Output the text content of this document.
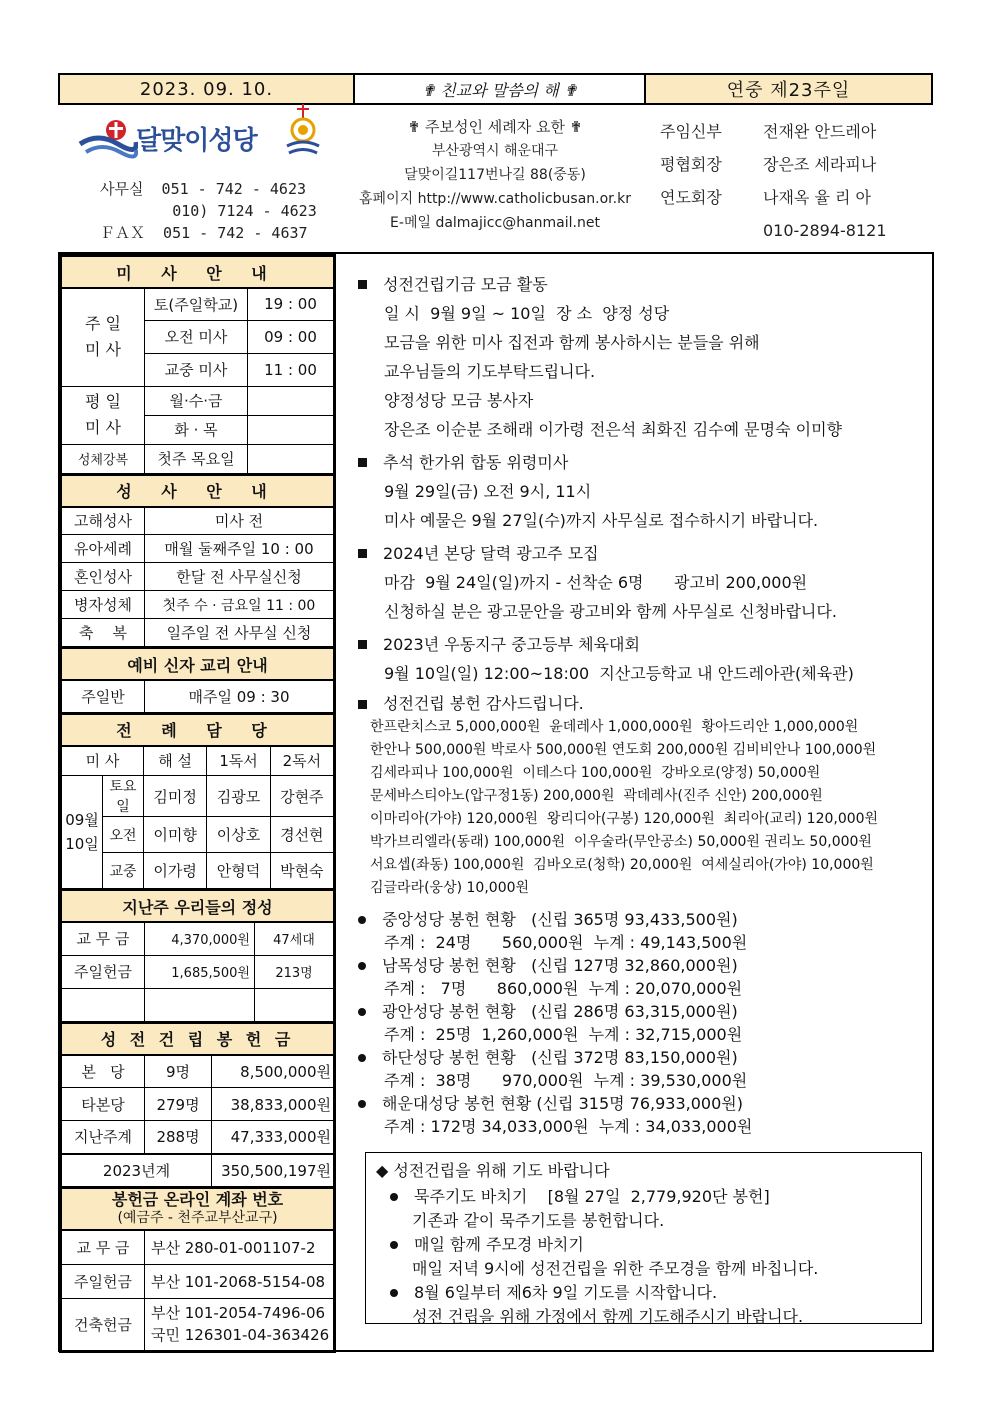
2023. 09. 10.	✟ 친교와 말씀의 해 ✟	연중 제23주일
달맞이성당
사무실  051 - 742 - 4623
010) 7124 - 4623
ＦＡＸ  051 - 742 - 4637
✟ 주보성인 세례자 요한 ✟
부산광역시 해운대구
달맞이길117번나길 88(중동)
홈페이지 http://www.catholicbusan.or.kr
E-메일 dalmajicc@hanmail.net
주임신부	전재완 안드레아
평협회장	장은조 세라피나
연도회장	나재옥 율 리 아
010-2894-8121
미 사 안 내		
주 일
미 사	토(주일학교)	19 : 00
	오전 미사	09 : 00
	교중 미사	11 : 00
평 일
미 사	월·수·금	
	화 · 목	
성체강복	첫주 목요일	
성 사 안 내	
고해성사	미사 전
유아세례	매월 둘째주일 10 : 00
혼인성사	한달 전 사무실신청
병자성체	첫주 수 · 금요일 11 : 00
축    복	일주일 전 사무실 신청
예비 신자 교리 안내
주일반	매주일 09 : 30
전 례 담 당				
미 사		해 설	1독서	2독서
09월
10일	토요일	김미정	김광모	강현주
	오전	이미향	이상호	경선현
	교중	이가령	안형덕	박현숙
지난주 우리들의 정성		
교 무 금	4,370,000원	47세대
주일헌금	1,685,500원	213명

성 전 건 립 봉 헌 금		
본   당	9명	8,500,000원
타본당	279명	38,833,000원
지난주계	288명	47,333,000원
2023년계		350,500,197원
봉헌금 온라인 계좌 번호
(예금주 - 천주교부산교구)	

교 무 금	부산 280-01-001107-2
주일헌금	부산 101-2068-5154-08
건축헌금	부산 101-2054-7496-06
국민 126301-04-363426
성전건립기금 모금 활동
일 시  9월 9일 ~ 10일  장 소  양정 성당
모금을 위한 미사 집전과 함께 봉사하시는 분들을 위해
교우님들의 기도부탁드립니다.
양정성당 모금 봉사자
장은조 이순분 조해래 이가령 전은석 최화진 김수예 문명숙 이미향
추석 한가위 합동 위령미사
9월 29일(금) 오전 9시, 11시
미사 예물은 9월 27일(수)까지 사무실로 접수하시기 바랍니다.
2024년 본당 달력 광고주 모집
마감  9월 24일(일)까지 - 선착순 6명      광고비 200,000원
신청하실 분은 광고문안을 광고비와 함께 사무실로 신청바랍니다.
2023년 우동지구 중고등부 체육대회
9월 10일(일) 12:00~18:00  지산고등학교 내 안드레아관(체육관)
성전건립 봉헌 감사드립니다.
한프란치스코 5,000,000원  윤데레사 1,000,000원  황아드리안 1,000,000원
한안나 500,000원 박로사 500,000원 연도회 200,000원 김비비안나 100,000원
김세라피나 100,000원  이테스다 100,000원  강바오로(양정) 50,000원
문세바스티아노(압구정1동) 200,000원  곽데레사(진주 신안) 200,000원
이마리아(가야) 120,000원  왕리디아(구봉) 120,000원  최리아(교리) 120,000원
박가브리엘라(동래) 100,000원  이우술라(무안공소) 50,000원 권리노 50,000원
서요셉(좌동) 100,000원  김바오로(청학) 20,000원  여세실리아(가야) 10,000원
김글라라(웅상) 10,000원
중앙성당 봉헌 현황   (신립 365명 93,433,500원)
주계 :  24명      560,000원  누계 : 49,143,500원
남목성당 봉헌 현황   (신립 127명 32,860,000원)
주계 :   7명      860,000원  누계 : 20,070,000원
광안성당 봉헌 현황   (신립 286명 63,315,000원)
주계 :  25명  1,260,000원  누계 : 32,715,000원
하단성당 봉헌 현황   (신립 372명 83,150,000원)
주계 :  38명      970,000원  누계 : 39,530,000원
해운대성당 봉헌 현황 (신립 315명 76,933,000원)
주계 : 172명 34,033,000원  누계 : 34,033,000원
◆ 성전건립을 위해 기도 바랍니다
묵주기도 바치기    [8월 27일  2,779,920단 봉헌]
기존과 같이 묵주기도를 봉헌합니다.
매일 함께 주모경 바치기
매일 저녁 9시에 성전건립을 위한 주모경을 함께 바칩니다.
8월 6일부터 제6차 9일 기도를 시작합니다.
성전 건립을 위해 가정에서 함께 기도해주시기 바랍니다.
